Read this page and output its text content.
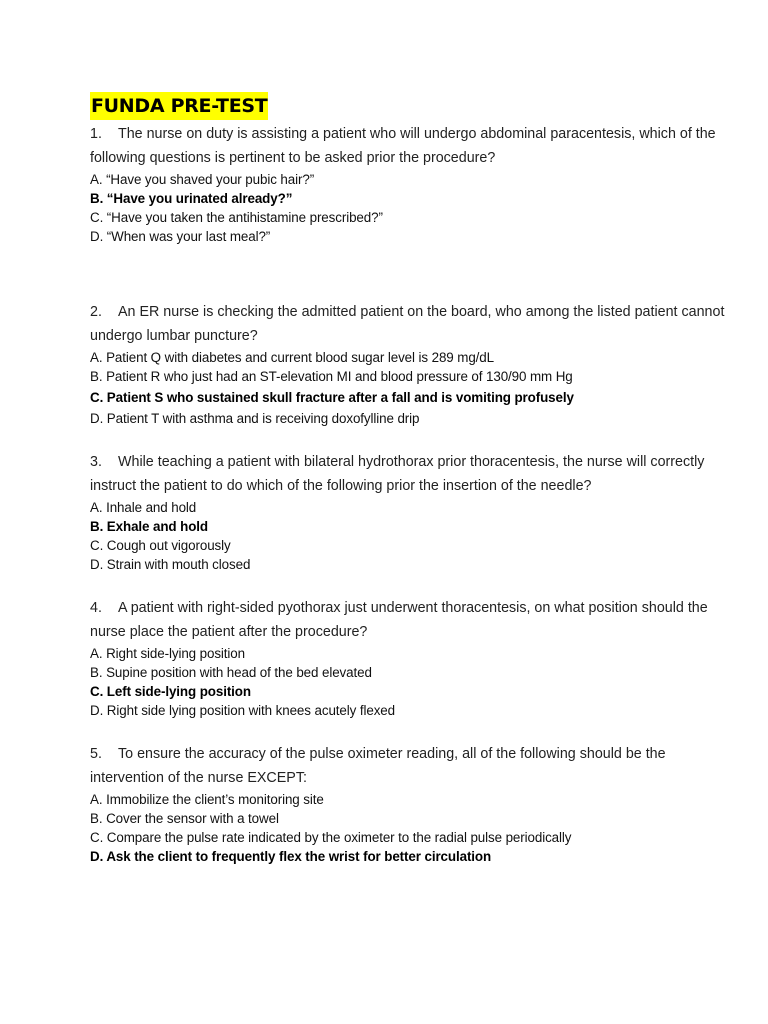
FUNDA PRE-TEST
1. The nurse on duty is assisting a patient who will undergo abdominal paracentesis, which of the following questions is pertinent to be asked prior the procedure?
A. “Have you shaved your pubic hair?”
B. “Have you urinated already?”
C. “Have you taken the antihistamine prescribed?”
D. “When was your last meal?”
2. An ER nurse is checking the admitted patient on the board, who among the listed patient cannot undergo lumbar puncture?
A. Patient Q with diabetes and current blood sugar level is 289 mg/dL
B. Patient R who just had an ST-elevation MI and blood pressure of 130/90 mm Hg
C. Patient S who sustained skull fracture after a fall and is vomiting profusely
D. Patient T with asthma and is receiving doxofylline drip
3. While teaching a patient with bilateral hydrothorax prior thoracentesis, the nurse will correctly instruct the patient to do which of the following prior the insertion of the needle?
A. Inhale and hold
B. Exhale and hold
C. Cough out vigorously
D. Strain with mouth closed
4. A patient with right-sided pyothorax just underwent thoracentesis, on what position should the nurse place the patient after the procedure?
A. Right side-lying position
B. Supine position with head of the bed elevated
C. Left side-lying position
D. Right side lying position with knees acutely flexed
5. To ensure the accuracy of the pulse oximeter reading, all of the following should be the intervention of the nurse EXCEPT:
A. Immobilize the client’s monitoring site
B. Cover the sensor with a towel
C. Compare the pulse rate indicated by the oximeter to the radial pulse periodically
D. Ask the client to frequently flex the wrist for better circulation
